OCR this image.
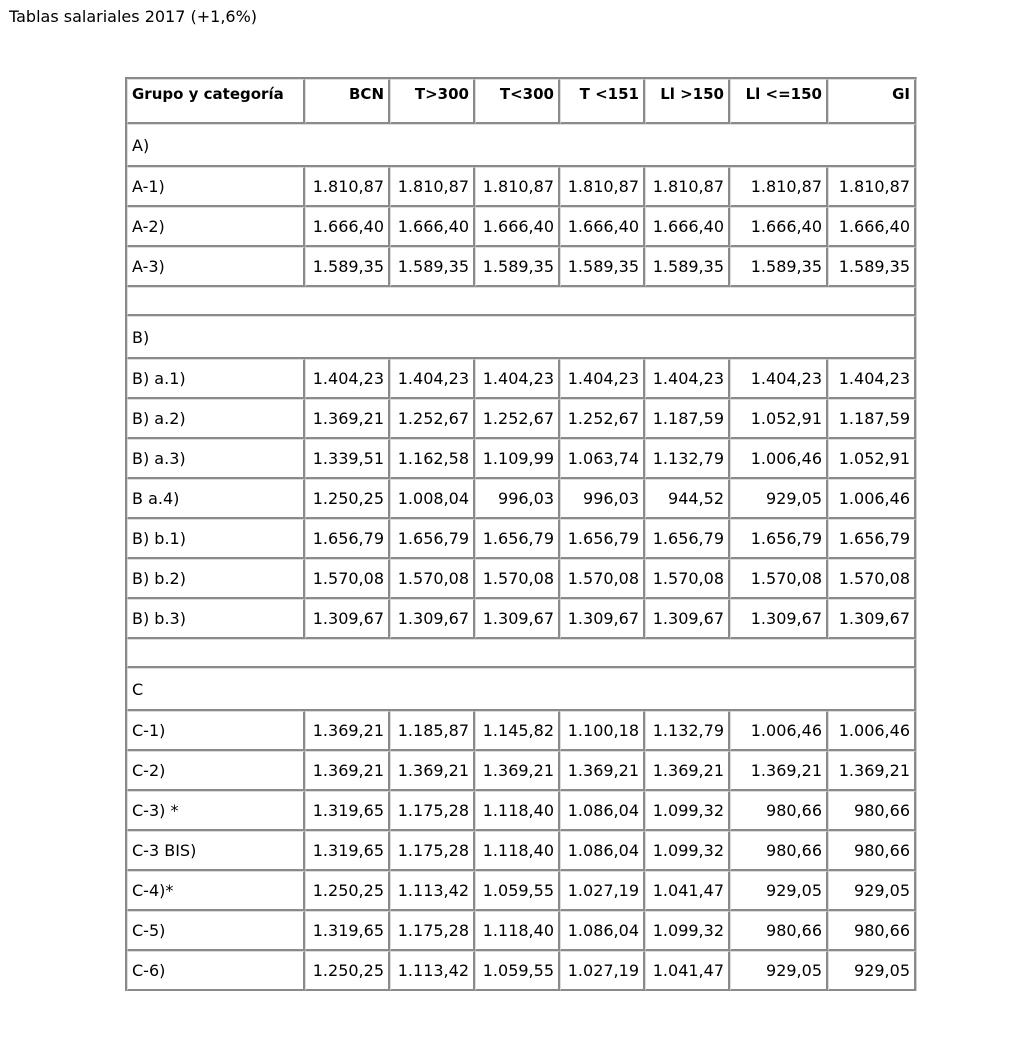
Tablas salariales 2017 (+1,6%)
Grupo y categoría	BCN	T>300	T<300	T <151	Ll >150	Ll <=150	GI
A)							
A-1)	1.810,87	1.810,87	1.810,87	1.810,87	1.810,87	1.810,87	1.810,87
A-2)	1.666,40	1.666,40	1.666,40	1.666,40	1.666,40	1.666,40	1.666,40
A-3)	1.589,35	1.589,35	1.589,35	1.589,35	1.589,35	1.589,35	1.589,35

B)							
B) a.1)	1.404,23	1.404,23	1.404,23	1.404,23	1.404,23	1.404,23	1.404,23
B) a.2)	1.369,21	1.252,67	1.252,67	1.252,67	1.187,59	1.052,91	1.187,59
B) a.3)	1.339,51	1.162,58	1.109,99	1.063,74	1.132,79	1.006,46	1.052,91
B a.4)	1.250,25	1.008,04	996,03	996,03	944,52	929,05	1.006,46
B) b.1)	1.656,79	1.656,79	1.656,79	1.656,79	1.656,79	1.656,79	1.656,79
B) b.2)	1.570,08	1.570,08	1.570,08	1.570,08	1.570,08	1.570,08	1.570,08
B) b.3)	1.309,67	1.309,67	1.309,67	1.309,67	1.309,67	1.309,67	1.309,67

C							
C-1)	1.369,21	1.185,87	1.145,82	1.100,18	1.132,79	1.006,46	1.006,46
C-2)	1.369,21	1.369,21	1.369,21	1.369,21	1.369,21	1.369,21	1.369,21
C-3) *	1.319,65	1.175,28	1.118,40	1.086,04	1.099,32	980,66	980,66
C-3 BIS)	1.319,65	1.175,28	1.118,40	1.086,04	1.099,32	980,66	980,66
C-4)*	1.250,25	1.113,42	1.059,55	1.027,19	1.041,47	929,05	929,05
C-5)	1.319,65	1.175,28	1.118,40	1.086,04	1.099,32	980,66	980,66
C-6)	1.250,25	1.113,42	1.059,55	1.027,19	1.041,47	929,05	929,05
